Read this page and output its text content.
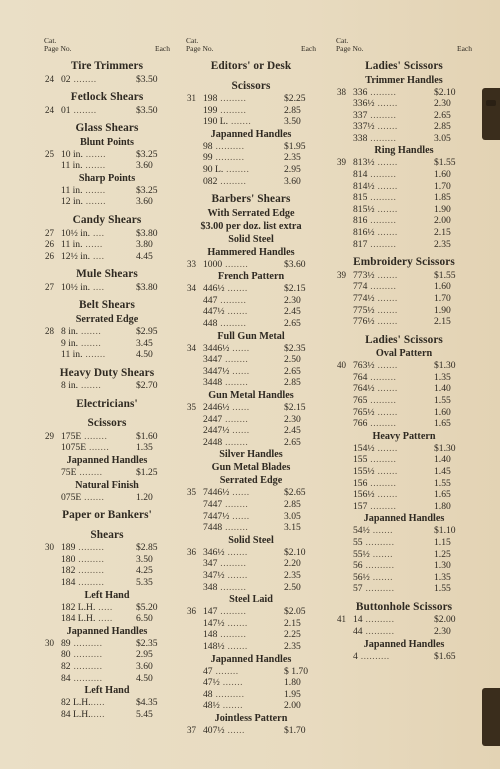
Cat.
Page No.	Each
Tire Trimmers
24 02 ........	$3.50
Fetlock Shears
24 01 ........	$3.50
Glass Shears
Blunt Points
25 10 in. .......	$3.25
11 in. .......	3.60
Sharp Points
11 in. .......	$3.25
12 in. .......	3.60
Candy Shears
27 10½ in. ....	$3.80
26 11 in. ......	3.80
26 12½ in. ....	4.45
Mule Shears
27 10½ in. ....	$3.80
Belt Shears
Serrated Edge
28 8 in. .......	$2.95
9 in. .......	3.45
11 in. .......	4.50
Heavy Duty Shears
8 in. .......	$2.70
Electricians'
Scissors
29 175E ........	$1.60
1075E .......	1.35
Japanned Handles
75E ........	$1.25
Natural Finish
075E .......	1.20
Paper or Bankers'
Shears
30 189 .........	$2.85
180 .........	3.50
182 .........	4.25
184 .........	5.35
Left Hand
182 L.H. ..... $5.20
184 L.H. ..... 6.50
Japanned Handles
30 89 ..........	$2.35
80 ..........	2.95
82 ..........	3.60
84 ..........	4.50
Left Hand
82 L.H......	$4.35
84 L.H......	5.45
Cat.
Page No.	Each
Editors' or Desk
Scissors
31 198 .........	$2.25
199 .........	2.85
190 L. .......	3.50
Japanned Handles
98 ..........	$1.95
99 ..........	2.35
90 L. ........	2.95
082 .........	3.60
Barbers' Shears
With Serrated Edge
$3.00 per doz. list extra
Solid Steel
Hammered Handles
33 1000 ........	$3.60
French Pattern
34 446½ .......	$2.15
447 .........	2.30
447½ .......	2.45
448 .........	2.65
Full Gun Metal
34 3446½ ......	$2.35
3447 ........	2.50
3447½ ......	2.65
3448 ........	2.85
Gun Metal Handles
35 2446½ ......	$2.15
2447 ........	2.30
2447½ ......	2.45
2448 ........	2.65
Silver Handles
Gun Metal Blades
Serrated Edge
35 7446½ ......	$2.65
7447 ........	2.85
7447½ ......	3.05
7448 ........	3.15
Solid Steel
36 346½ .......	$2.10
347 .........	2.20
347½ .......	2.35
348 .........	2.50
Steel Laid
36 147 .........	$2.05
147½ .......	2.15
148 .........	2.25
148½ .......	2.35
Japanned Handles
47 ........	$ 1.70
47½ .......	1.80
48 ..........	1.95
48½ .......	2.00
Jointless Pattern
37 407½ ......	$1.70
Cat.
Page No.	Each
Ladies' Scissors
Trimmer Handles
38 336 .........	$2.10
336½ .......	2.30
337 .........	2.65
337½ .......	2.85
338 .........	3.05
Ring Handles
39 813½ .......	$1.55
814 .........	1.60
814½ .......	1.70
815 .........	1.85
815½ .......	1.90
816 .........	2.00
816½ .......	2.15
817 .........	2.35
Embroidery Scissors
39 773½ .......	$1.55
774 .........	1.60
774½ .......	1.70
775½ .......	1.90
776½ .......	2.15
Ladies' Scissors
Oval Pattern
40 763½ .......	$1.30
764 .........	1.35
764½ .......	1.40
765 .........	1.55
765½ .......	1.60
766 .........	1.65
Heavy Pattern
154½ .......	$1.30
155 .........	1.40
155½ .......	1.45
156 .........	1.55
156½ .......	1.65
157 .........	1.80
Japanned Handles
54½ .......	$1.10
55 ..........	1.15
55½ .......	1.25
56 ..........	1.30
56½ .......	1.35
57 ..........	1.55
Buttonhole Scissors
41 14 ..........	$2.00
44 ..........	2.30
Japanned Handles
4 ..........	$1.65
